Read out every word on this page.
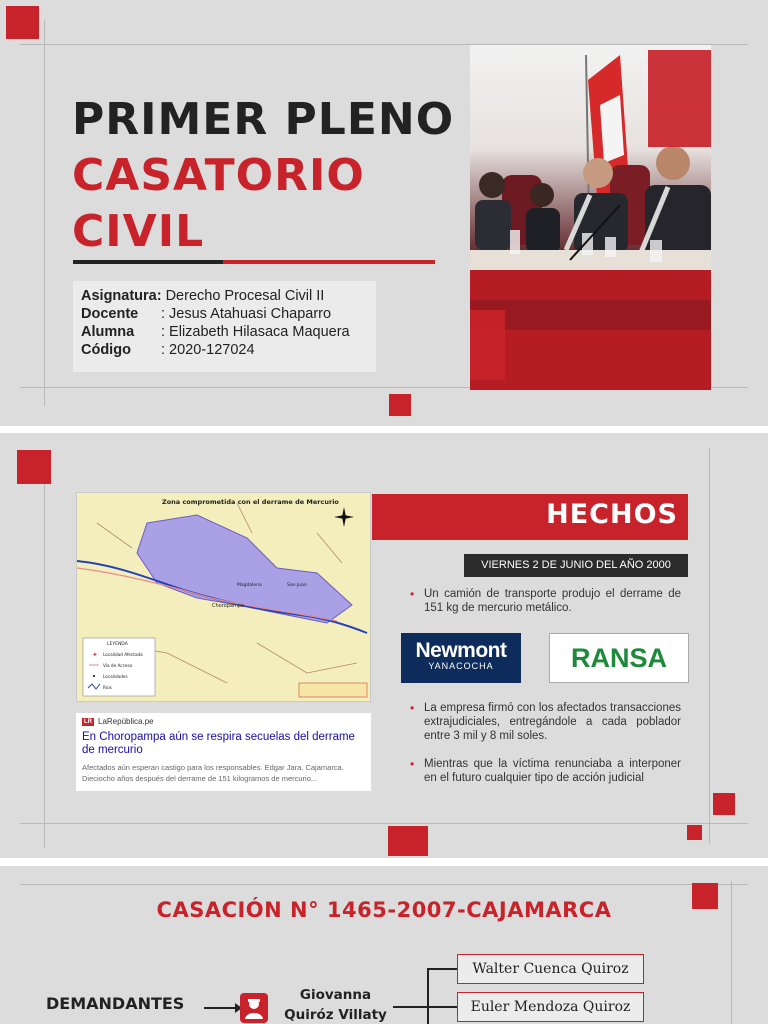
PRIMER PLENO
CASATORIO
CIVIL
Asignatura: Derecho Procesal Civil II
Docente	: Jesus Atahuasi Chaparro
Alumna	: Elizabeth Hilasaca Maquera
Código	: 2020-127024
Zona comprometida con el derrame de Mercurio
Choropampa
Magdalena	San Juan
LEYENDA
✚ Localidad Afectada
Vía de Acceso
Localidades
Ríos
LR LaRepública.pe
En Choropampa aún se respira secuelas del derrame de mercurio
Afectados aún esperan castigo para los responsables. Edgar Jara. Cajamarca. Dieciocho años después del derrame de 151 kilogramos de mercurio...
HECHOS
VIERNES 2 DE JUNIO DEL AÑO 2000

• Un camión de transporte produjo el derrame de 151 kg de mercurio metálico.

Newmont
YANACOCHA	RANSA

• La empresa firmó con los afectados transacciones extrajudiciales, entregándole a cada poblador entre 3 mil y 8 mil soles.

• Mientras que la víctima renunciaba a interponer en el futuro cualquier tipo de acción judicial

CASACIÓN N° 1465-2007-CAJAMARCA
DEMANDANTES	Giovanna Quiróz Villaty
Walter Cuenca Quiroz
Euler Mendoza Quiroz
